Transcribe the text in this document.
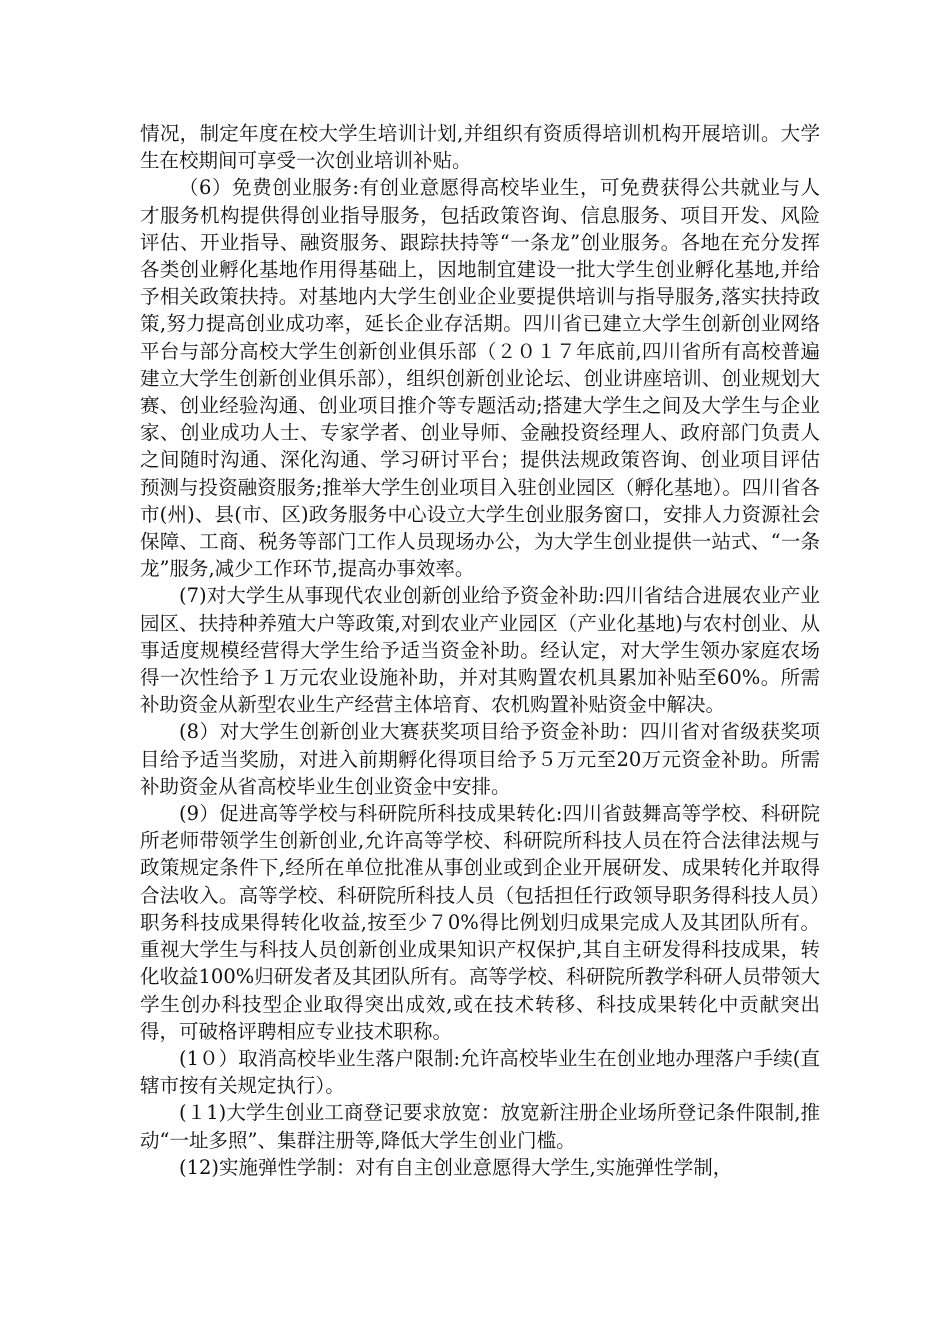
情况，制定年度在校大学生培训计划,并组织有资质得培训机构开展培训。大学生在校期间可享受一次创业培训补贴。

（6）免费创业服务:有创业意愿得高校毕业生，可免费获得公共就业与人才服务机构提供得创业指导服务，包括政策咨询、信息服务、项目开发、风险评估、开业指导、融资服务、跟踪扶持等“一条龙”创业服务。各地在充分发挥各类创业孵化基地作用得基础上，因地制宜建设一批大学生创业孵化基地,并给予相关政策扶持。对基地内大学生创业企业要提供培训与指导服务,落实扶持政策,努力提高创业成功率，延长企业存活期。四川省已建立大学生创新创业网络平台与部分高校大学生创新创业俱乐部（２０１７年底前,四川省所有高校普遍建立大学生创新创业俱乐部），组织创新创业论坛、创业讲座培训、创业规划大赛、创业经验沟通、创业项目推介等专题活动;搭建大学生之间及大学生与企业家、创业成功人士、专家学者、创业导师、金融投资经理人、政府部门负责人之间随时沟通、深化沟通、学习研讨平台；提供法规政策咨询、创业项目评估预测与投资融资服务;推举大学生创业项目入驻创业园区（孵化基地）。四川省各市(州)、县(市、区)政务服务中心设立大学生创业服务窗口，安排人力资源社会保障、工商、税务等部门工作人员现场办公，为大学生创业提供一站式、“一条龙”服务,减少工作环节,提高办事效率。

(7)对大学生从事现代农业创新创业给予资金补助:四川省结合进展农业产业园区、扶持种养殖大户等政策,对到农业产业园区（产业化基地)与农村创业、从事适度规模经营得大学生给予适当资金补助。经认定，对大学生领办家庭农场得一次性给予１万元农业设施补助，并对其购置农机具累加补贴至60%。所需补助资金从新型农业生产经营主体培育、农机购置补贴资金中解决。

(8）对大学生创新创业大赛获奖项目给予资金补助：四川省对省级获奖项目给予适当奖励，对进入前期孵化得项目给予５万元至20万元资金补助。所需补助资金从省高校毕业生创业资金中安排。

(9）促进高等学校与科研院所科技成果转化:四川省鼓舞高等学校、科研院所老师带领学生创新创业,允许高等学校、科研院所科技人员在符合法律法规与政策规定条件下,经所在单位批准从事创业或到企业开展研发、成果转化并取得合法收入。高等学校、科研院所科技人员（包括担任行政领导职务得科技人员）职务科技成果得转化收益,按至少７0%得比例划归成果完成人及其团队所有。重视大学生与科技人员创新创业成果知识产权保护,其自主研发得科技成果，转化收益100%归研发者及其团队所有。高等学校、科研院所教学科研人员带领大学生创办科技型企业取得突出成效,或在技术转移、科技成果转化中贡献突出得，可破格评聘相应专业技术职称。

(1０）取消高校毕业生落户限制:允许高校毕业生在创业地办理落户手续(直辖市按有关规定执行）。

(１1)大学生创业工商登记要求放宽：放宽新注册企业场所登记条件限制,推动“一址多照”、集群注册等,降低大学生创业门槛。

(12)实施弹性学制：对有自主创业意愿得大学生,实施弹性学制，
